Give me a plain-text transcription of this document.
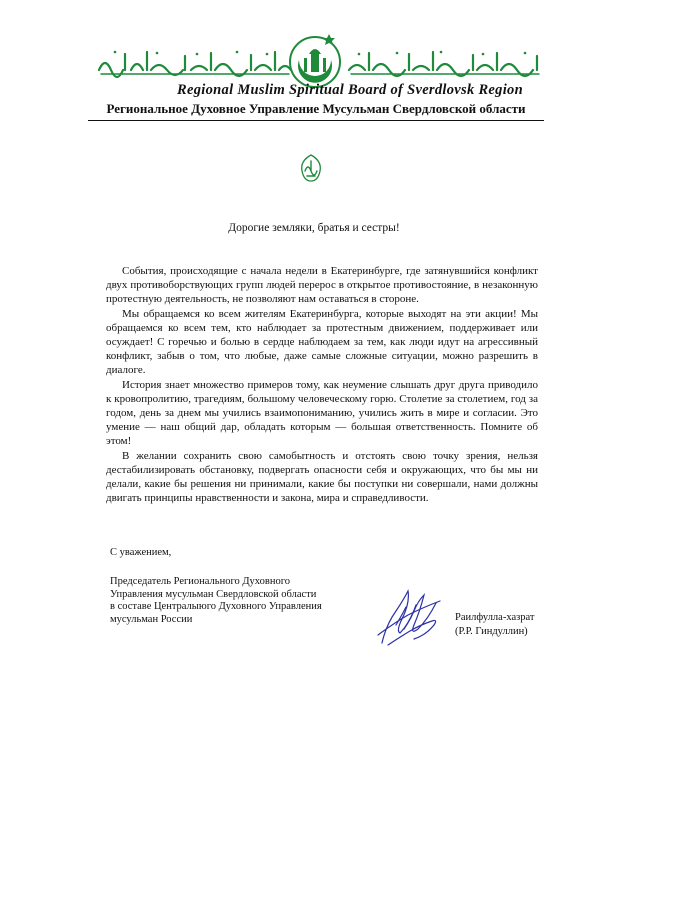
Regional Muslim Spiritual Board of Sverdlovsk Region
Региональное Духовное Управление Мусульман Свердловской области
Дорогие земляки, братья и сестры!

События, происходящие с начала недели в Екатеринбурге, где затянувшийся конфликт двух противоборствующих групп людей перерос в открытое противостояние, в незаконную протестную деятельность, не позволяют нам оставаться в стороне.

Мы обращаемся ко всем жителям Екатеринбурга, которые выходят на эти акции! Мы обращаемся ко всем тем, кто наблюдает за протестным движением, поддерживает или осуждает! С горечью и болью в сердце наблюдаем за тем, как люди идут на агрессивный конфликт, забыв о том, что любые, даже самые сложные ситуации, можно разрешить в диалоге.

История знает множество примеров тому, как неумение слышать друг друга приводило к кровопролитию, трагедиям, большому человеческому горю. Столетие за столетием, год за годом, день за днем мы учились взаимопониманию, учились жить в мире и согласии. Это умение — наш общий дар, обладать которым — большая ответственность. Помните об этом!

В желании сохранить свою самобытность и отстоять свою точку зрения, нельзя дестабилизировать обстановку, подвергать опасности себя и окружающих, что бы мы ни делали, какие бы решения ни принимали, какие бы поступки ни совершали, нами должны двигать принципы нравственности и закона, мира и справедливости.

С уважением,
Председатель Регионального Духовного
Управления мусульман Свердловской области
в составе Централыюго Духовного Управления
мусульман России	Раилфулла-хазрат
(Р.Р. Гиндуллин)
